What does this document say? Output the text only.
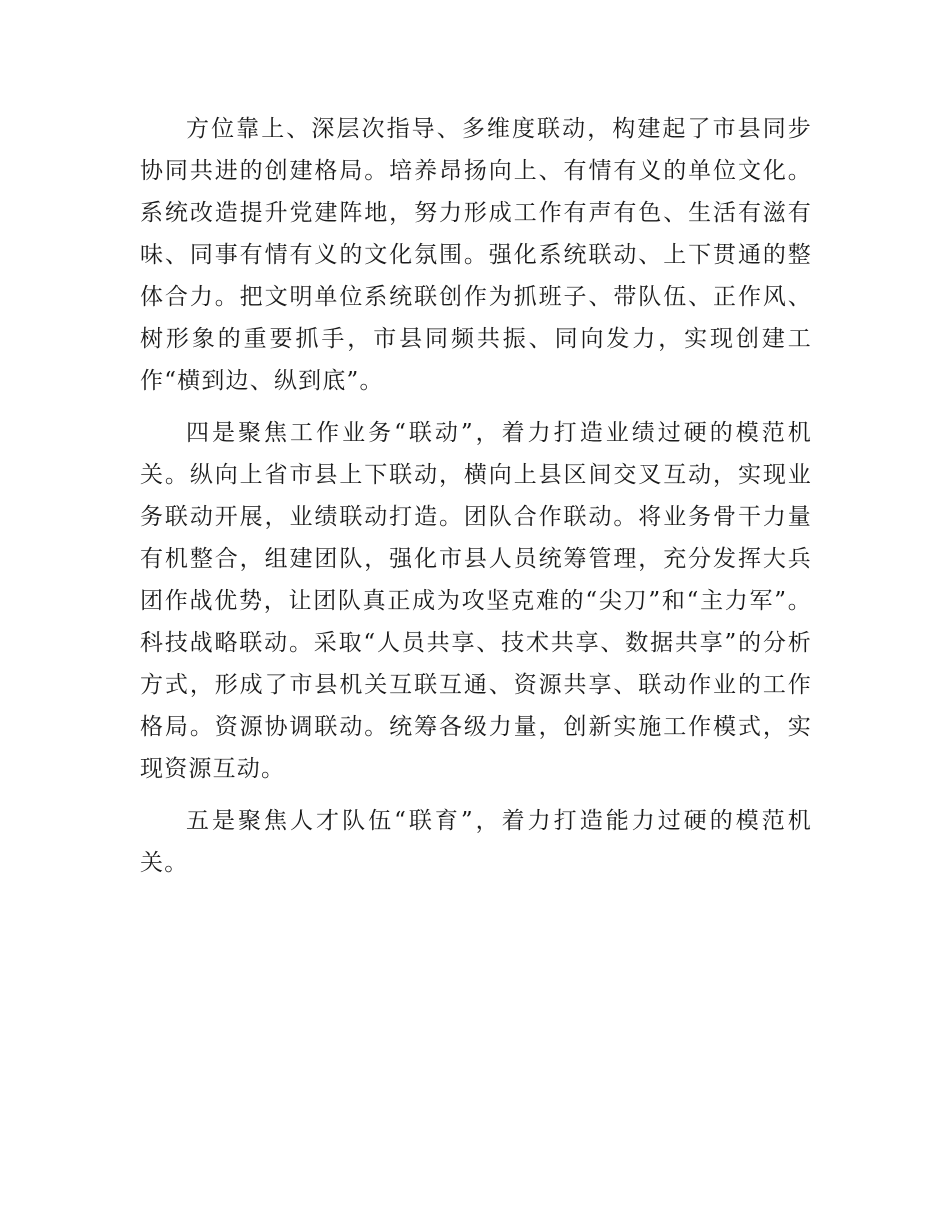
方位靠上、深层次指导、多维度联动，构建起了市县同步协同共进的创建格局。培养昂扬向上、有情有义的单位文化。系统改造提升党建阵地，努力形成工作有声有色、生活有滋有味、同事有情有义的文化氛围。强化系统联动、上下贯通的整体合力。把文明单位系统联创作为抓班子、带队伍、正作风、树形象的重要抓手，市县同频共振、同向发力，实现创建工作“横到边、纵到底”。

四是聚焦工作业务“联动”，着力打造业绩过硬的模范机关。纵向上省市县上下联动，横向上县区间交叉互动，实现业务联动开展，业绩联动打造。团队合作联动。将业务骨干力量有机整合，组建团队，强化市县人员统筹管理，充分发挥大兵团作战优势，让团队真正成为攻坚克难的“尖刀”和“主力军”。科技战略联动。采取“人员共享、技术共享、数据共享”的分析方式，形成了市县机关互联互通、资源共享、联动作业的工作格局。资源协调联动。统筹各级力量，创新实施工作模式，实现资源互动。

五是聚焦人才队伍“联育”，着力打造能力过硬的模范机关。
